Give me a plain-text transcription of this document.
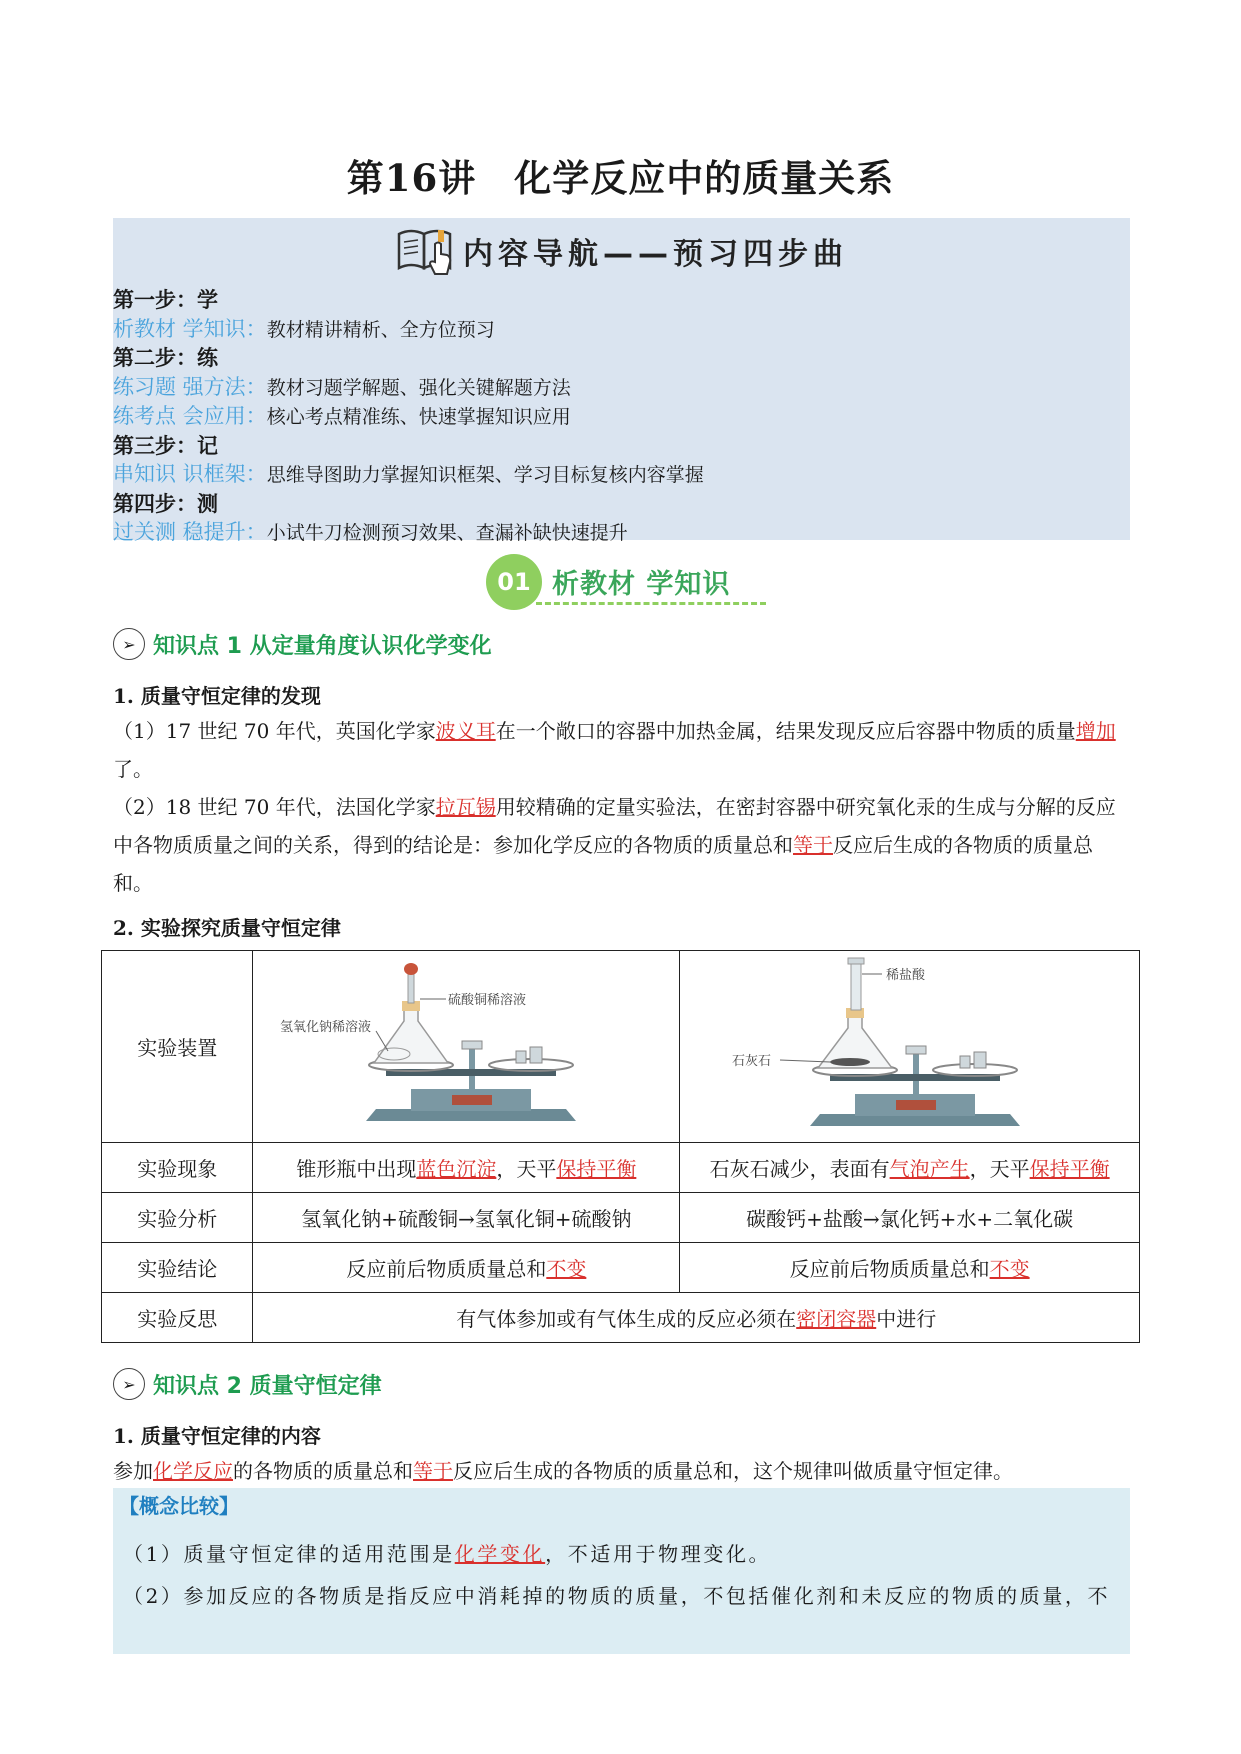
第16讲　化学反应中的质量关系
内容导航——预习四步曲
第一步：学
析教材 学知识：教材精讲精析、全方位预习
第二步：练
练习题 强方法：教材习题学解题、强化关键解题方法
练考点 会应用：核心考点精准练、快速掌握知识应用
第三步：记
串知识 识框架：思维导图助力掌握知识框架、学习目标复核内容掌握
第四步：测
过关测 稳提升：小试牛刀检测预习效果、查漏补缺快速提升
01 析教材 学知识
➢ 知识点 1 从定量角度认识化学变化
1. 质量守恒定律的发现
（1）17 世纪 70 年代，英国化学家波义耳在一个敞口的容器中加热金属，结果发现反应后容器中物质的质量增加了。
（2）18 世纪 70 年代，法国化学家拉瓦锡用较精确的定量实验法，在密封容器中研究氧化汞的生成与分解的反应中各物质质量之间的关系，得到的结论是：参加化学反应的各物质的质量总和等于反应后生成的各物质的质量总和。
2. 实验探究质量守恒定律
实验装置	硫酸铜稀溶液
氢氧化钠稀溶液	稀盐酸
石灰石

实验现象	锥形瓶中出现蓝色沉淀，天平保持平衡	石灰石减少，表面有气泡产生，天平保持平衡
实验分析	氢氧化钠+硫酸铜→氢氧化铜+硫酸钠	碳酸钙+盐酸→氯化钙+水+二氧化碳
实验结论	反应前后物质质量总和不变	反应前后物质质量总和不变
实验反思	有气体参加或有气体生成的反应必须在密闭容器中进行	
➢ 知识点 2 质量守恒定律
1. 质量守恒定律的内容
参加化学反应的各物质的质量总和等于反应后生成的各物质的质量总和，这个规律叫做质量守恒定律。
【概念比较】
（1）质量守恒定律的适用范围是化学变化，不适用于物理变化。
（2）参加反应的各物质是指反应中消耗掉的物质的质量，不包括催化剂和未反应的物质的质量，不
